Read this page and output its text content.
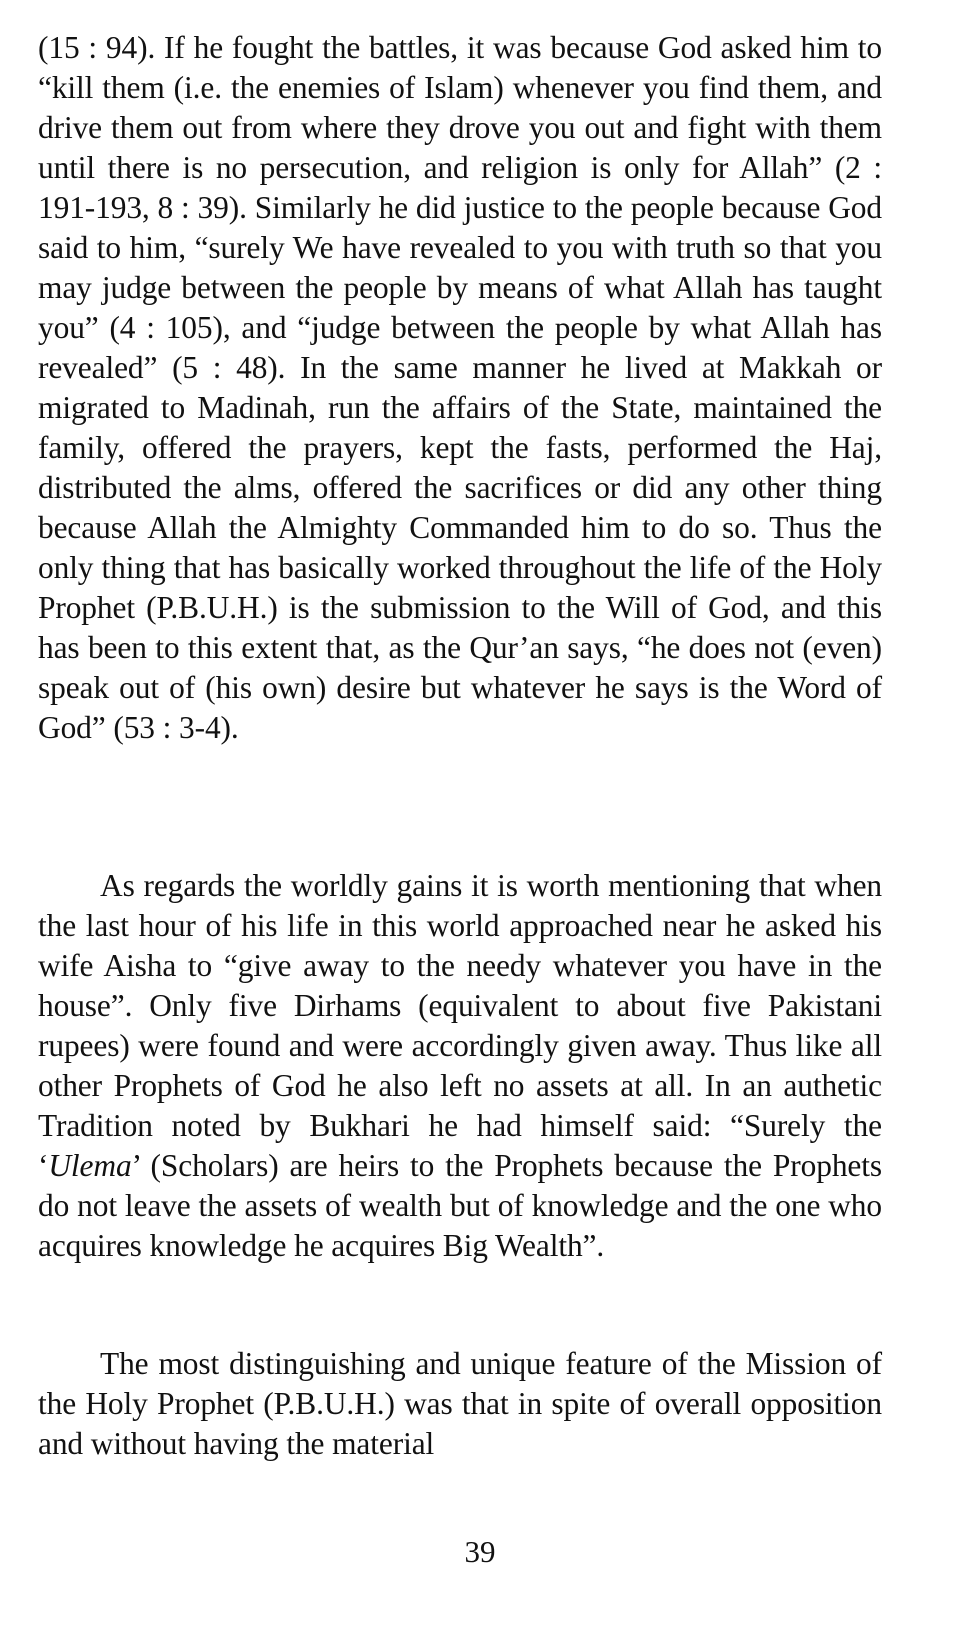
(15 : 94). If he fought the battles, it was because God asked him to “kill them (i.e. the enemies of Islam) whenever you find them, and drive them out from where they drove you out and fight with them until there is no persecution, and religion is only for Allah” (2 : 191-193, 8 : 39). Similarly he did justice to the people because God said to him, “surely We have revealed to you with truth so that you may judge between the people by means of what Allah has taught you” (4 : 105), and “judge between the people by what Allah has revealed” (5 : 48). In the same manner he lived at Makkah or migrated to Madinah, run the affairs of the State, maintained the family, offered the prayers, kept the fasts, performed the Haj, distributed the alms, offered the sacrifices or did any other thing because Allah the Almighty Commanded him to do so. Thus the only thing that has basically worked throughout the life of the Holy Prophet (P.B.U.H.) is the submission to the Will of God, and this has been to this extent that, as the Qur’an says, “he does not (even) speak out of (his own) desire but whatever he says is the Word of God” (53 : 3-4).

As regards the worldly gains it is worth mentioning that when the last hour of his life in this world approached near he asked his wife Aisha to “give away to the needy whatever you have in the house”. Only five Dirhams (equivalent to about five Pakistani rupees) were found and were accordingly given away. Thus like all other Prophets of God he also left no assets at all. In an authetic Tradition noted by Bukhari he had himself said: “Surely the ‘Ulema’ (Scholars) are heirs to the Prophets because the Prophets do not leave the assets of wealth but of knowledge and the one who acquires knowledge he acquires Big Wealth”.

The most distinguishing and unique feature of the Mission of the Holy Prophet (P.B.U.H.) was that in spite of overall opposition and without having the material

39
